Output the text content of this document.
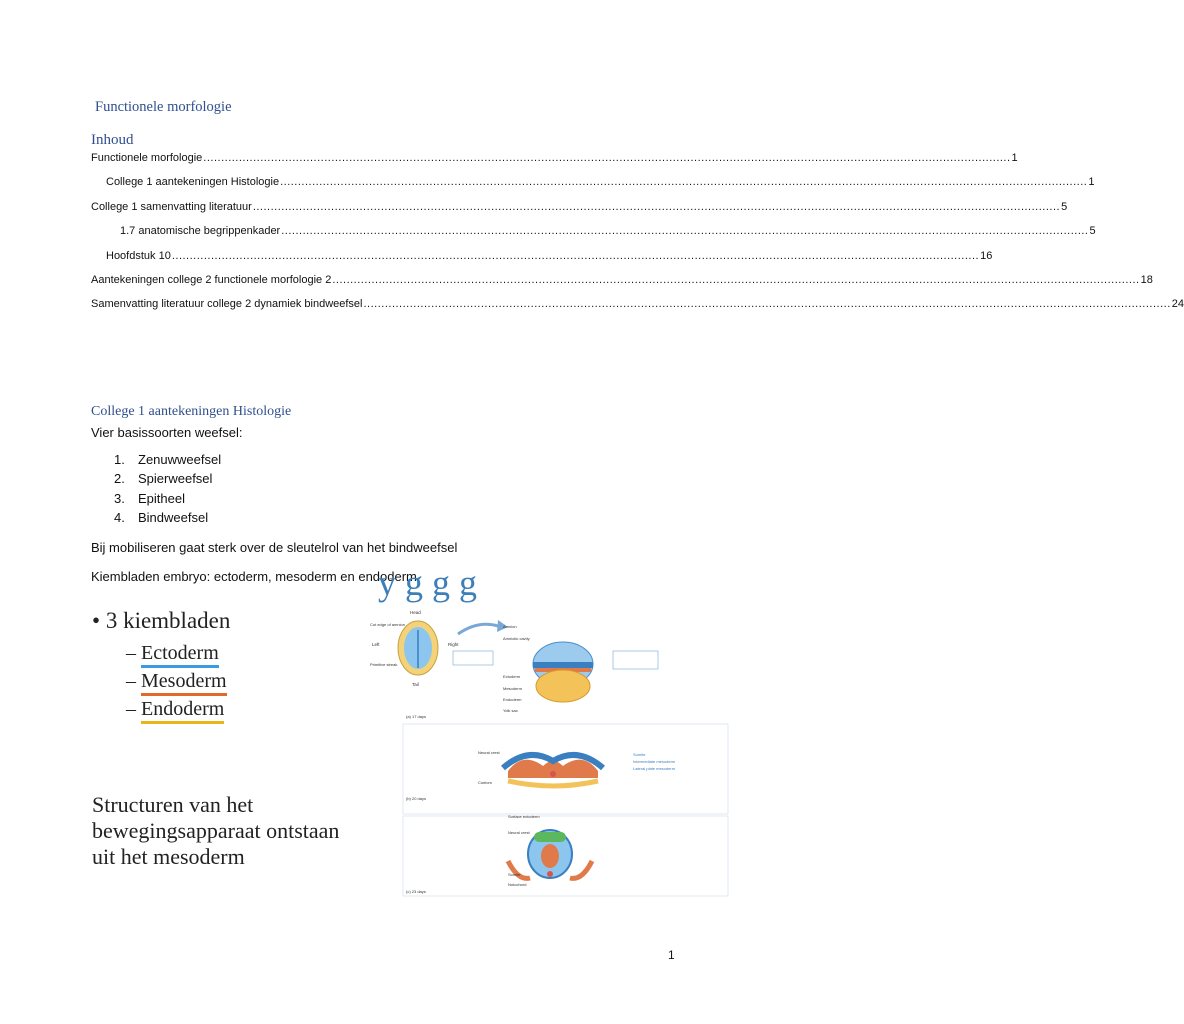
Functionele morfologie
Inhoud
Functionele morfologie .....	1
College 1 aantekeningen Histologie .....	1
College 1 samenvatting literatuur .....	5
1.7 anatomische begrippenkader .....	5
Hoofdstuk 10 .....	16
Aantekeningen college 2 functionele morfologie 2 .....	18
Samenvatting literatuur college 2 dynamiek bindweefsel .....	24
College 1 aantekeningen Histologie
Vier basissoorten weefsel:
1.	Zenuwweefsel
2.	Spierweefsel
3.	Epitheel
4.	Bindweefsel
Bij mobiliseren gaat sterk over de sleutelrol van het bindweefsel
Kiembladen embryo: ectoderm, mesoderm en endoderm
y g g g
• 3 kiembladen
– Ectoderm
– Mesoderm
– Endoderm
Structuren van het
bewegingsapparaat ontstaan
uit het mesoderm
Head
Cut edge of amnion
Left	Right
Primitive streak
Tail
Amnion
Amniotic cavity
Ectoderm
Mesoderm
Endoderm
Yolk sac
(a) 17 days
Neural crest
Coelom
Somite
Intermediate mesoderm
Lateral plate mesoderm
(b) 20 days
Surface ectoderm
Neural crest
Somite
Notochord
(c) 23 days
1
